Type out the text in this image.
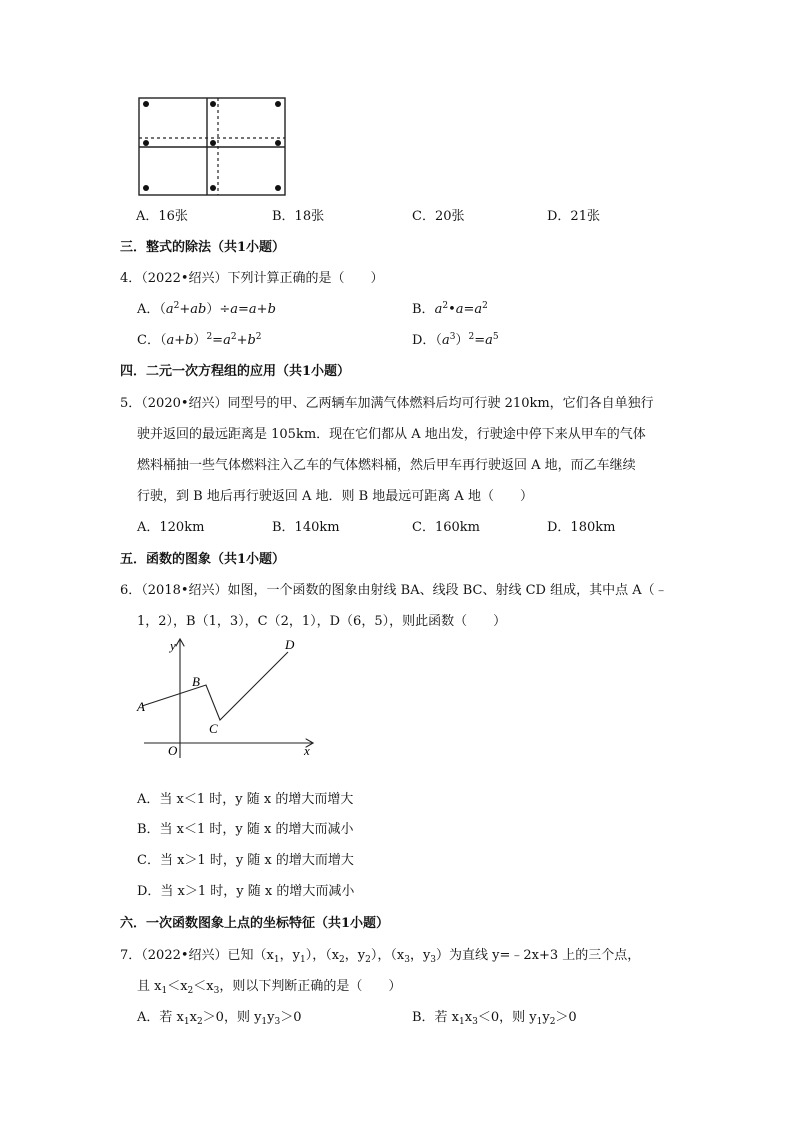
A．16张	B．18张	C．20张	D．21张
三．整式的除法（共1小题）
4．（2022•绍兴）下列计算正确的是（　　）
A．$(a^2+ab)\div a=a+b$	B．$a^2•a=a^2$
C．$(a+b)^2=a^2+b^2$	D．$(a^3)^2=a^5$
四．二元一次方程组的应用（共1小题）
5．（2020•绍兴）同型号的甲、乙两辆车加满气体燃料后均可行驶 210km，它们各自单独行
驶并返回的最远距离是 105km．现在它们都从 A 地出发，行驶途中停下来从甲车的气体
燃料桶抽一些气体燃料注入乙车的气体燃料桶，然后甲车再行驶返回 A 地，而乙车继续
行驶，到 B 地后再行驶返回 A 地．则 B 地最远可距离 A 地（　　）
A．120km	B．140km	C．160km	D．180km
五．函数的图象（共1小题）
6．（2018•绍兴）如图，一个函数的图象由射线 BA、线段 BC、射线 CD 组成，其中点 A（﹣
1，2），B（1，3），C（2，1），D（6，5），则此函数（　　）
y
x
O
A
B
C
D
A．当 x＜1 时，y 随 x 的增大而增大
B．当 x＜1 时，y 随 x 的增大而减小
C．当 x＞1 时，y 随 x 的增大而增大
D．当 x＞1 时，y 随 x 的增大而减小
六．一次函数图象上点的坐标特征（共1小题）
7．（2022•绍兴）已知（$x_1$，$y_1$），（$x_2$，$y_2$），（$x_3$，$y_3$）为直线 y=﹣2x+3 上的三个点，
且 $x_1<x_2<x_3$，则以下判断正确的是（　　）
A．若 $x_1x_2>0$，则 $y_1y_3>0$	B．若 $x_1x_3<0$，则 $y_1y_2>0$
